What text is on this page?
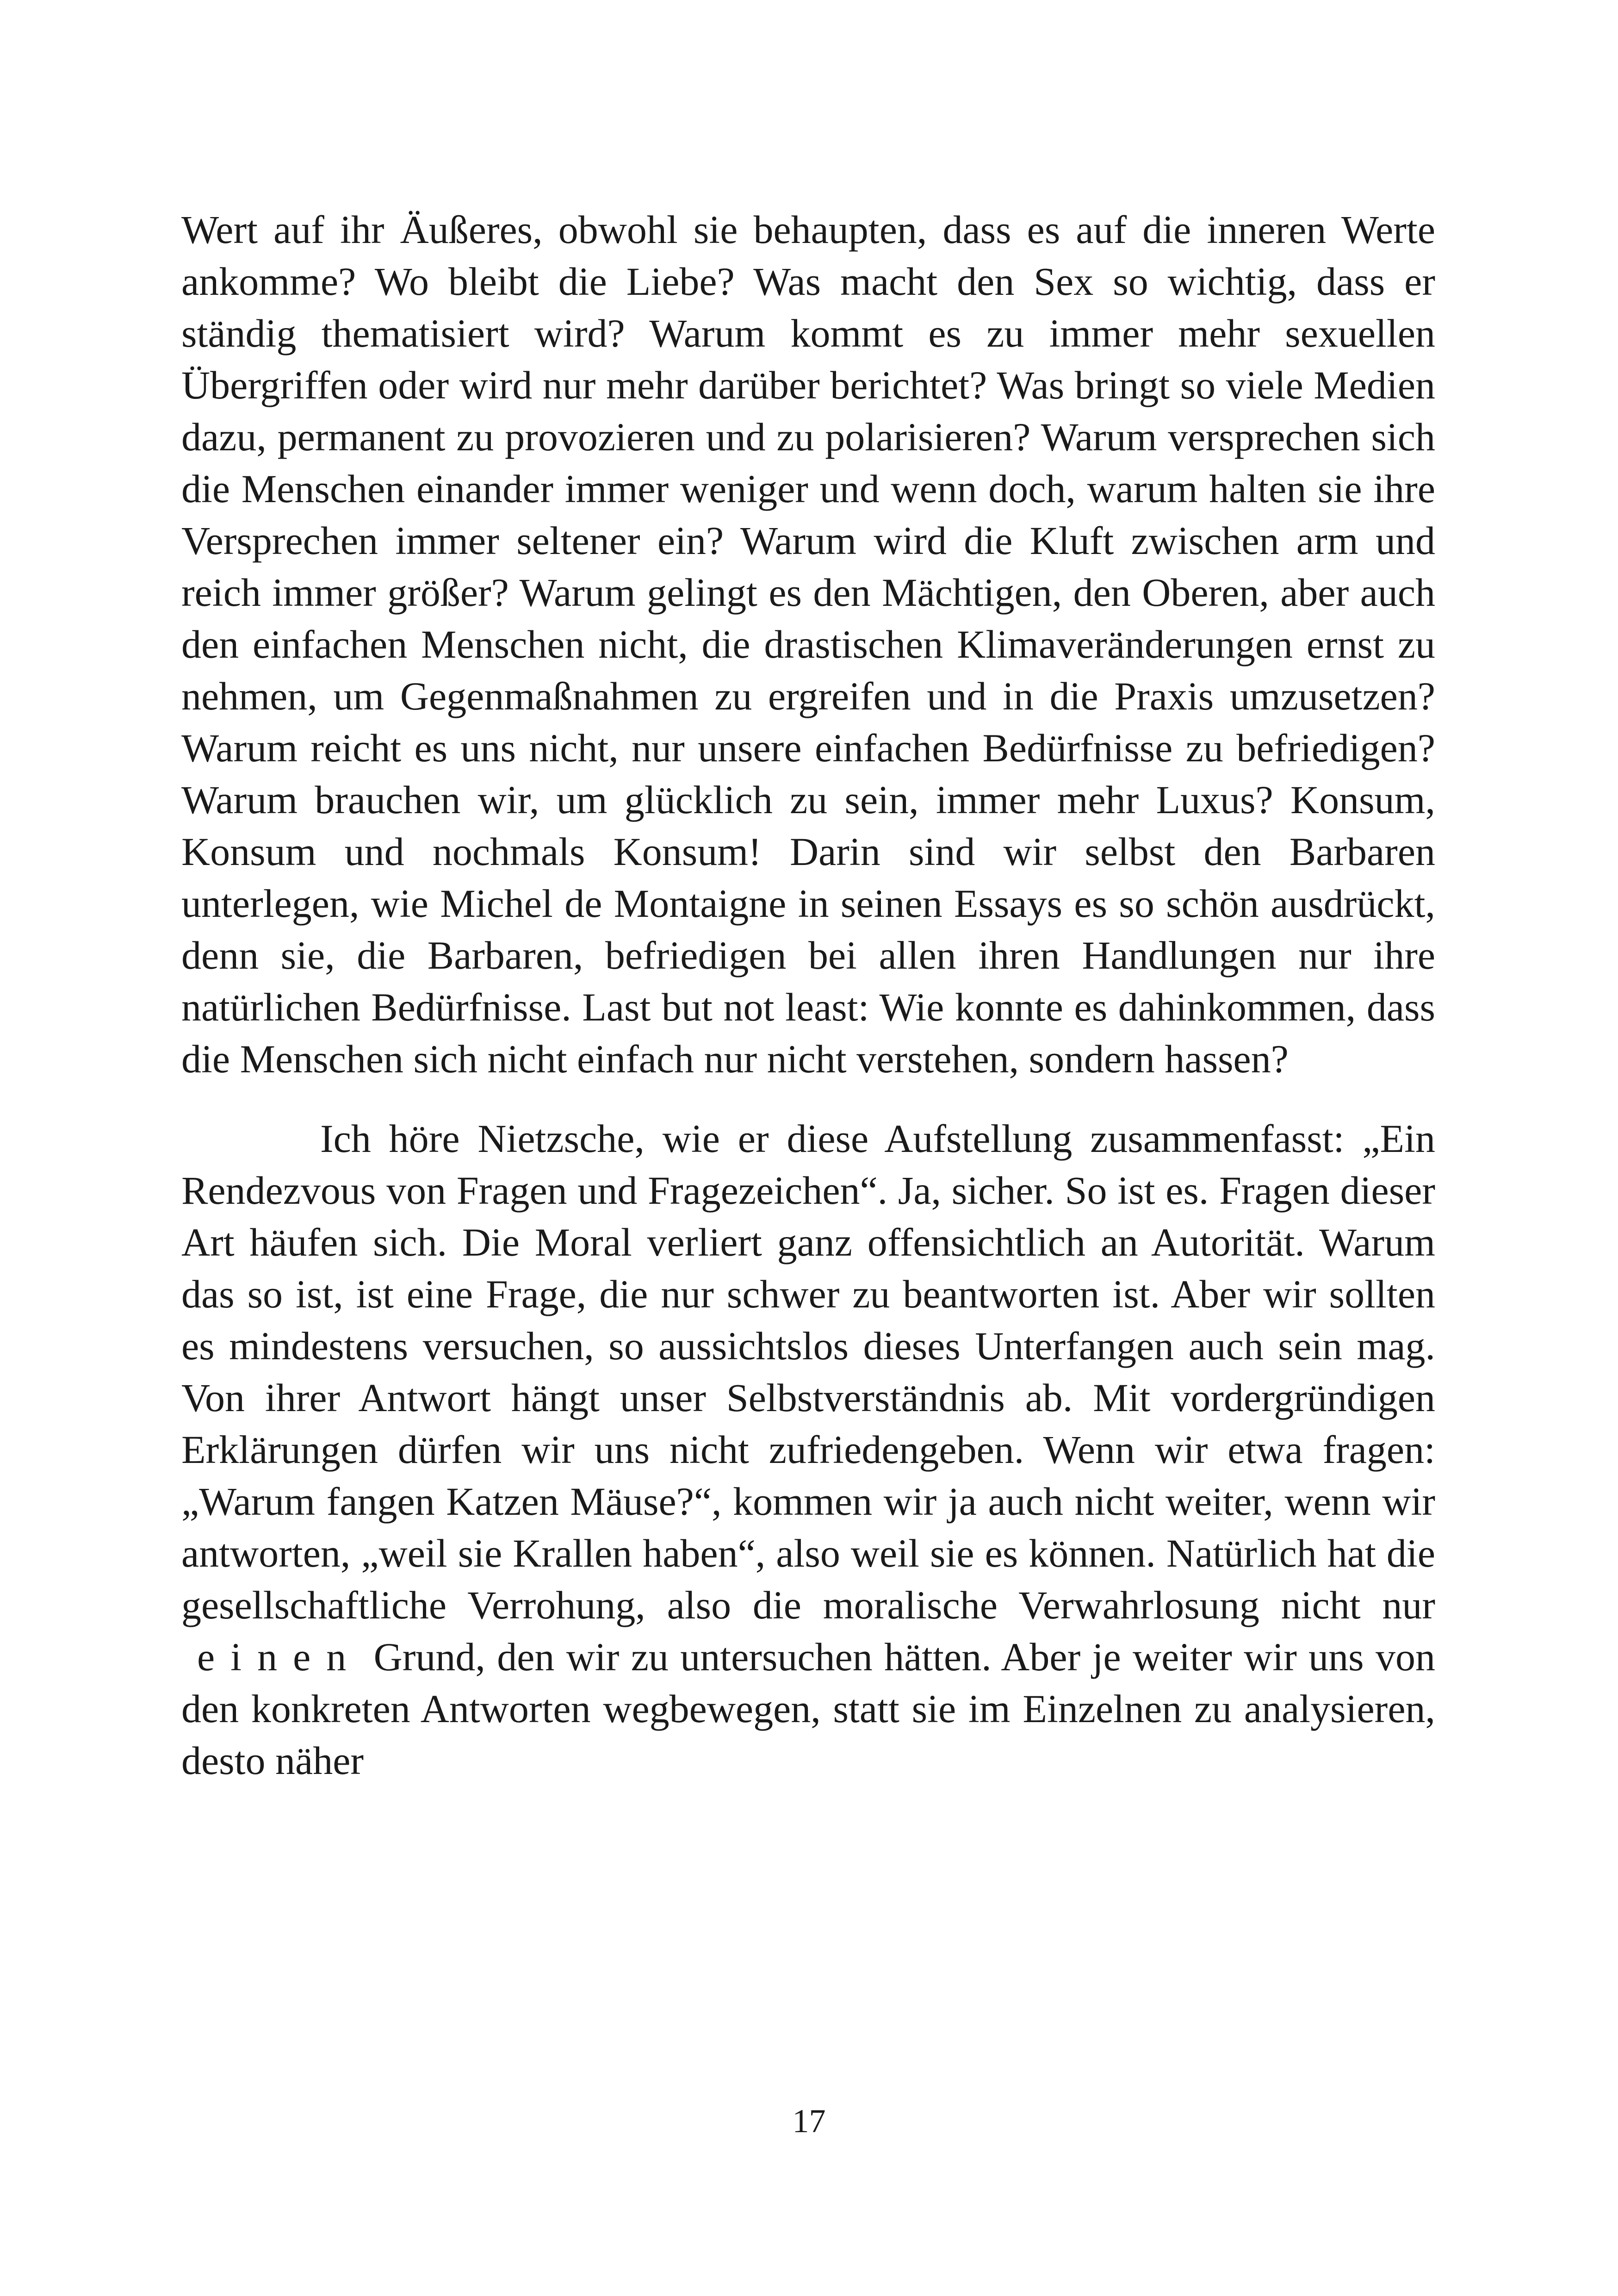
Wert auf ihr Äußeres, obwohl sie behaupten, dass es auf die inneren Werte ankomme? Wo bleibt die Liebe? Was macht den Sex so wichtig, dass er ständig thematisiert wird? Warum kommt es zu immer mehr sexuellen Übergriffen oder wird nur mehr darüber berichtet? Was bringt so viele Medien dazu, permanent zu provozieren und zu polarisieren? Warum versprechen sich die Menschen einander immer weniger und wenn doch, warum halten sie ihre Versprechen immer seltener ein? Warum wird die Kluft zwischen arm und reich immer größer? Warum gelingt es den Mächtigen, den Oberen, aber auch den einfachen Menschen nicht, die drastischen Klimaveränderungen ernst zu nehmen, um Gegenmaßnahmen zu ergreifen und in die Praxis umzusetzen? Warum reicht es uns nicht, nur unsere einfachen Bedürfnisse zu befriedigen? Warum brauchen wir, um glücklich zu sein, immer mehr Luxus? Konsum, Konsum und nochmals Konsum! Darin sind wir selbst den Barbaren unterlegen, wie Michel de Montaigne in seinen Essays es so schön ausdrückt, denn sie, die Barbaren, befriedigen bei allen ihren Handlungen nur ihre natürlichen Bedürfnisse. Last but not least: Wie konnte es dahinkommen, dass die Menschen sich nicht einfach nur nicht verstehen, sondern hassen?

Ich höre Nietzsche, wie er diese Aufstellung zusammenfasst: „Ein Rendezvous von Fragen und Fragezeichen“. Ja, sicher. So ist es. Fragen dieser Art häufen sich. Die Moral verliert ganz offensichtlich an Autorität. Warum das so ist, ist eine Frage, die nur schwer zu beantworten ist. Aber wir sollten es mindestens versuchen, so aussichtslos dieses Unterfangen auch sein mag. Von ihrer Antwort hängt unser Selbstverständnis ab. Mit vordergründigen Erklärungen dürfen wir uns nicht zufriedengeben. Wenn wir etwa fragen: „Warum fangen Katzen Mäuse?“, kommen wir ja auch nicht weiter, wenn wir antworten, „weil sie Krallen haben“, also weil sie es können. Natürlich hat die gesellschaftliche Verrohung, also die moralische Verwahrlosung nicht nur einen Grund, den wir zu untersuchen hätten. Aber je weiter wir uns von den konkreten Antworten wegbewegen, statt sie im Einzelnen zu analysieren, desto näher

17
